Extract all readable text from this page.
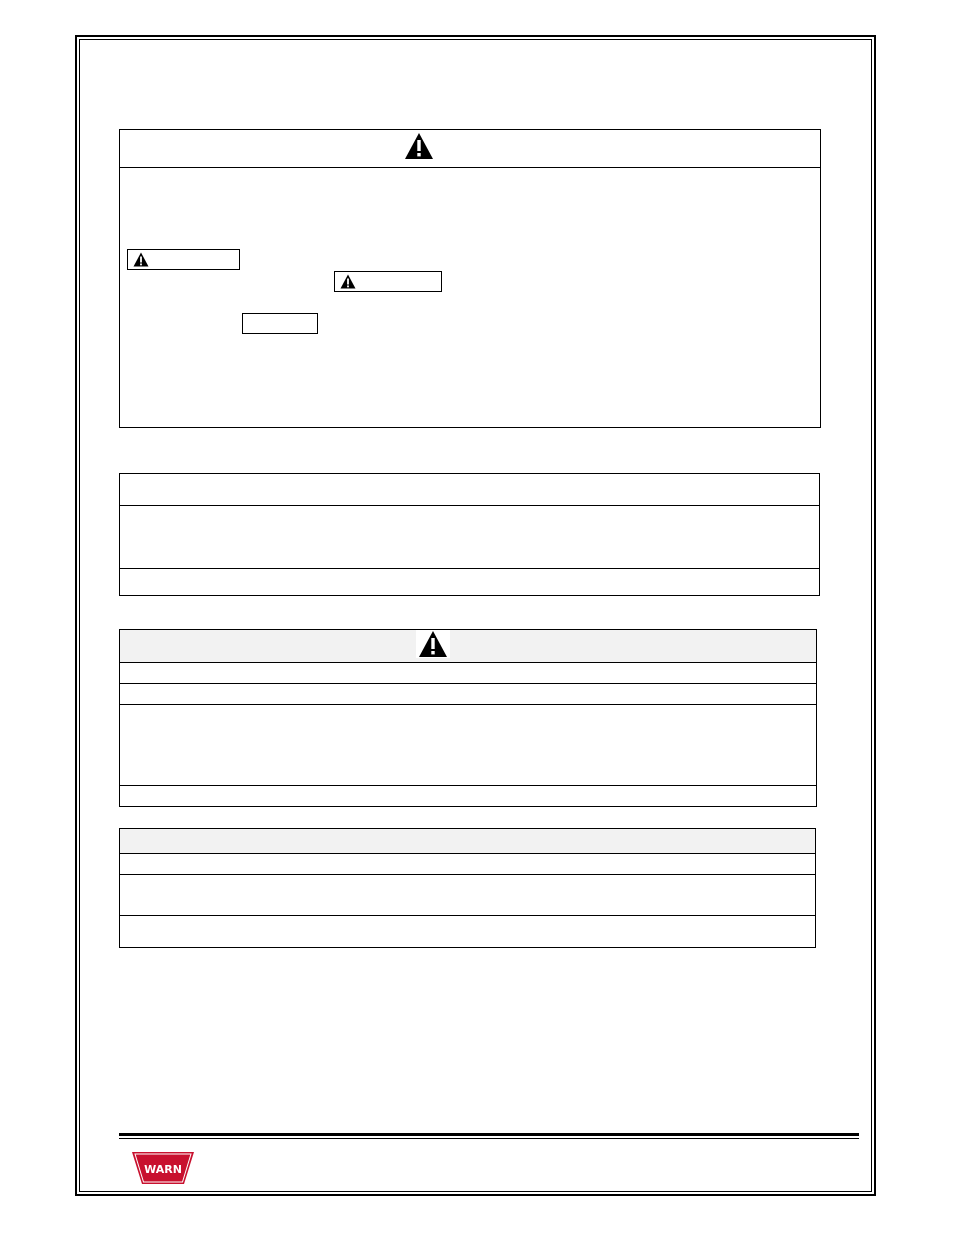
WARN
